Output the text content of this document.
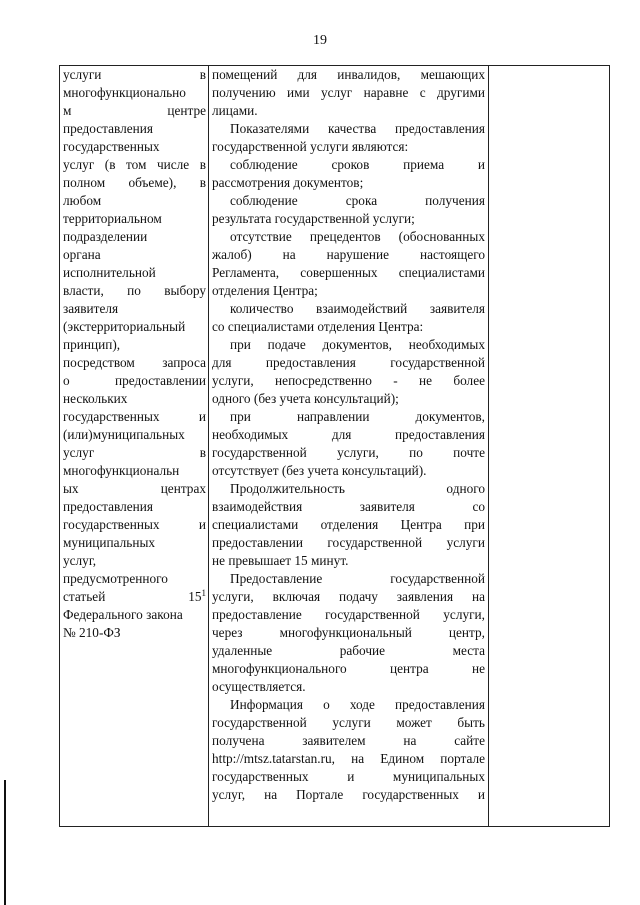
19
услуги в
многофункционально
м центре
предоставления
государственных
услуг (в том числе в
полном объеме), в
любом
территориальном
подразделении
органа
исполнительной
власти, по выбору
заявителя
(экстерриториальный
принцип),
посредством запроса
о предоставлении
нескольких
государственных и
(или)муниципальных
услуг в
многофункциональн
ых центрах
предоставления
государственных и
муниципальных
услуг,
предусмотренного
статьей $15^1$
Федерального закона
№ 210-ФЗ
помещений для инвалидов, мешающих
получению ими услуг наравне с другими
лицами.
Показателями качества предоставления
государственной услуги являются:
соблюдение сроков приема и
рассмотрения документов;
соблюдение срока получения
результата государственной услуги;
отсутствие прецедентов (обоснованных
жалоб) на нарушение настоящего
Регламента, совершенных специалистами
отделения Центра;
количество взаимодействий заявителя
со специалистами отделения Центра:
при подаче документов, необходимых
для предоставления государственной
услуги, непосредственно - не более
одного (без учета консультаций);
при направлении документов,
необходимых для предоставления
государственной услуги, по почте
отсутствует (без учета консультаций).
Продолжительность одного
взаимодействия заявителя со
специалистами отделения Центра при
предоставлении государственной услуги
не превышает 15 минут.
Предоставление государственной
услуги, включая подачу заявления на
предоставление государственной услуги,
через многофункциональный центр,
удаленные рабочие места
многофункционального центра не
осуществляется.
Информация о ходе предоставления
государственной услуги может быть
получена заявителем на сайте
http://mtsz.tatarstan.ru, на Едином портале
государственных и муниципальных
услуг, на Портале государственных и
